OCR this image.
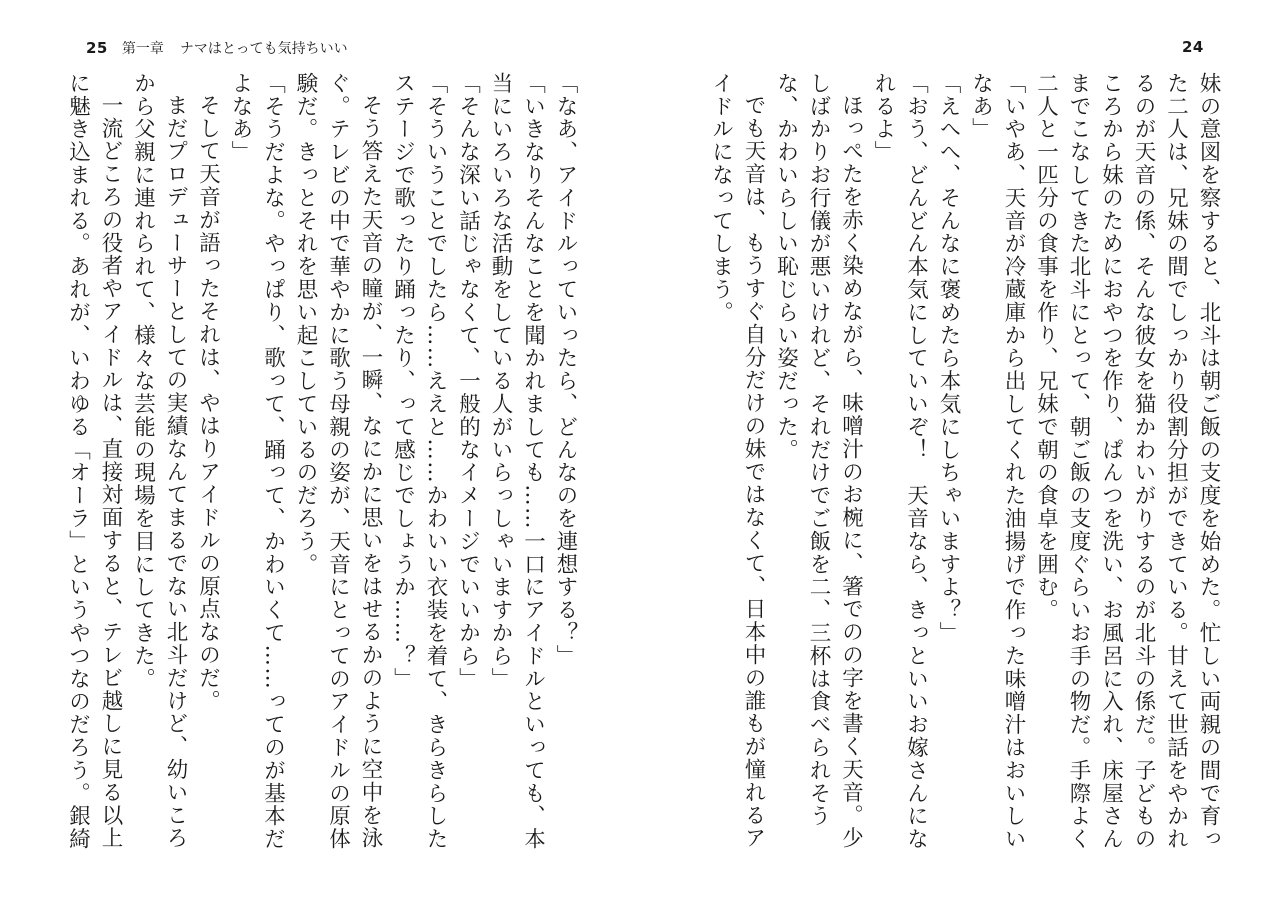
25 第一章 ナマはとっても気持ちいい

「なあ、アイドルっていったら、どんなのを連想する？」

「いきなりそんなことを聞かれましても……一口にアイドルといっても、本当にいろいろな活動をしている人がいらっしゃいますから」

「そんな深い話じゃなくて、一般的なイメージでいいから」

「そういうことでしたら……ええと……かわいい衣装を着て、きらきらしたステージで歌ったり踊ったり、って感じでしょうか……？」

そう答えた天音の瞳が、一瞬、なにかに思いをはせるかのように空中を泳ぐ。テレビの中で華やかに歌う母親の姿が、天音にとってのアイドルの原体験だ。きっとそれを思い起こしているのだろう。

「そうだよな。やっぱり、歌って、踊って、かわいくて……ってのが基本だよなあ」

そして天音が語ったそれは、やはりアイドルの原点なのだ。

まだプロデューサーとしての実績なんてまるでない北斗だけど、幼いころから父親に連れられて、様々な芸能の現場を目にしてきた。

一流どころの役者やアイドルは、直接対面すると、テレビ越しに見る以上に魅き込まれる。あれが、いわゆる「オーラ」というやつなのだろう。銀綺

24

妹の意図を察すると、北斗は朝ご飯の支度を始めた。忙しい両親の間で育った二人は、兄妹の間でしっかり役割分担ができている。甘えて世話をやかれるのが天音の係、そんな彼女を猫かわいがりするのが北斗の係だ。子どものころから妹のためにおやつを作り、ぱんつを洗い、お風呂に入れ、床屋さんまでこなしてきた北斗にとって、朝ご飯の支度ぐらいお手の物だ。手際よく二人と一匹分の食事を作り、兄妹で朝の食卓を囲む。

「いやあ、天音が冷蔵庫から出してくれた油揚げで作った味噌汁はおいしいなあ」

「えへへ、そんなに褒めたら本気にしちゃいますよ？」

「おう、どんどん本気にしていいぞ！　天音なら、きっといいお嫁さんになれるよ」

ほっぺたを赤く染めながら、味噌汁のお椀に、箸でのの字を書く天音。少しばかりお行儀が悪いけれど、それだけでご飯を二、三杯は食べられそうな、かわいらしい恥じらい姿だった。

でも天音は、もうすぐ自分だけの妹ではなくて、日本中の誰もが憧れるアイドルになってしまう。
